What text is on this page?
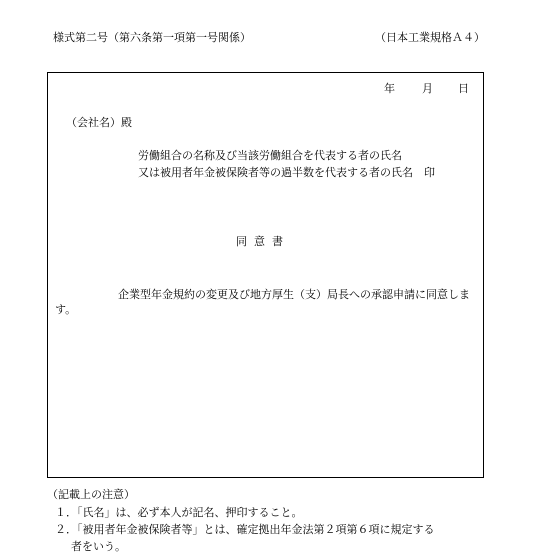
様式第二号（第六条第一項第一号関係）	（日本工業規格Ａ４）
年 月 日
（会社名）殿
労働組合の名称及び当該労働組合を代表する者の氏名
又は被用者年金被保険者等の過半数を代表する者の氏名　印
同意書
企業型年金規約の変更及び地方厚生（支）局長への承認申請に同意します。
（記載上の注意）
１．「氏名」は、必ず本人が記名、押印すること。
２．「被用者年金被保険者等」とは、確定拠出年金法第２項第６項に規定する
者をいう。
